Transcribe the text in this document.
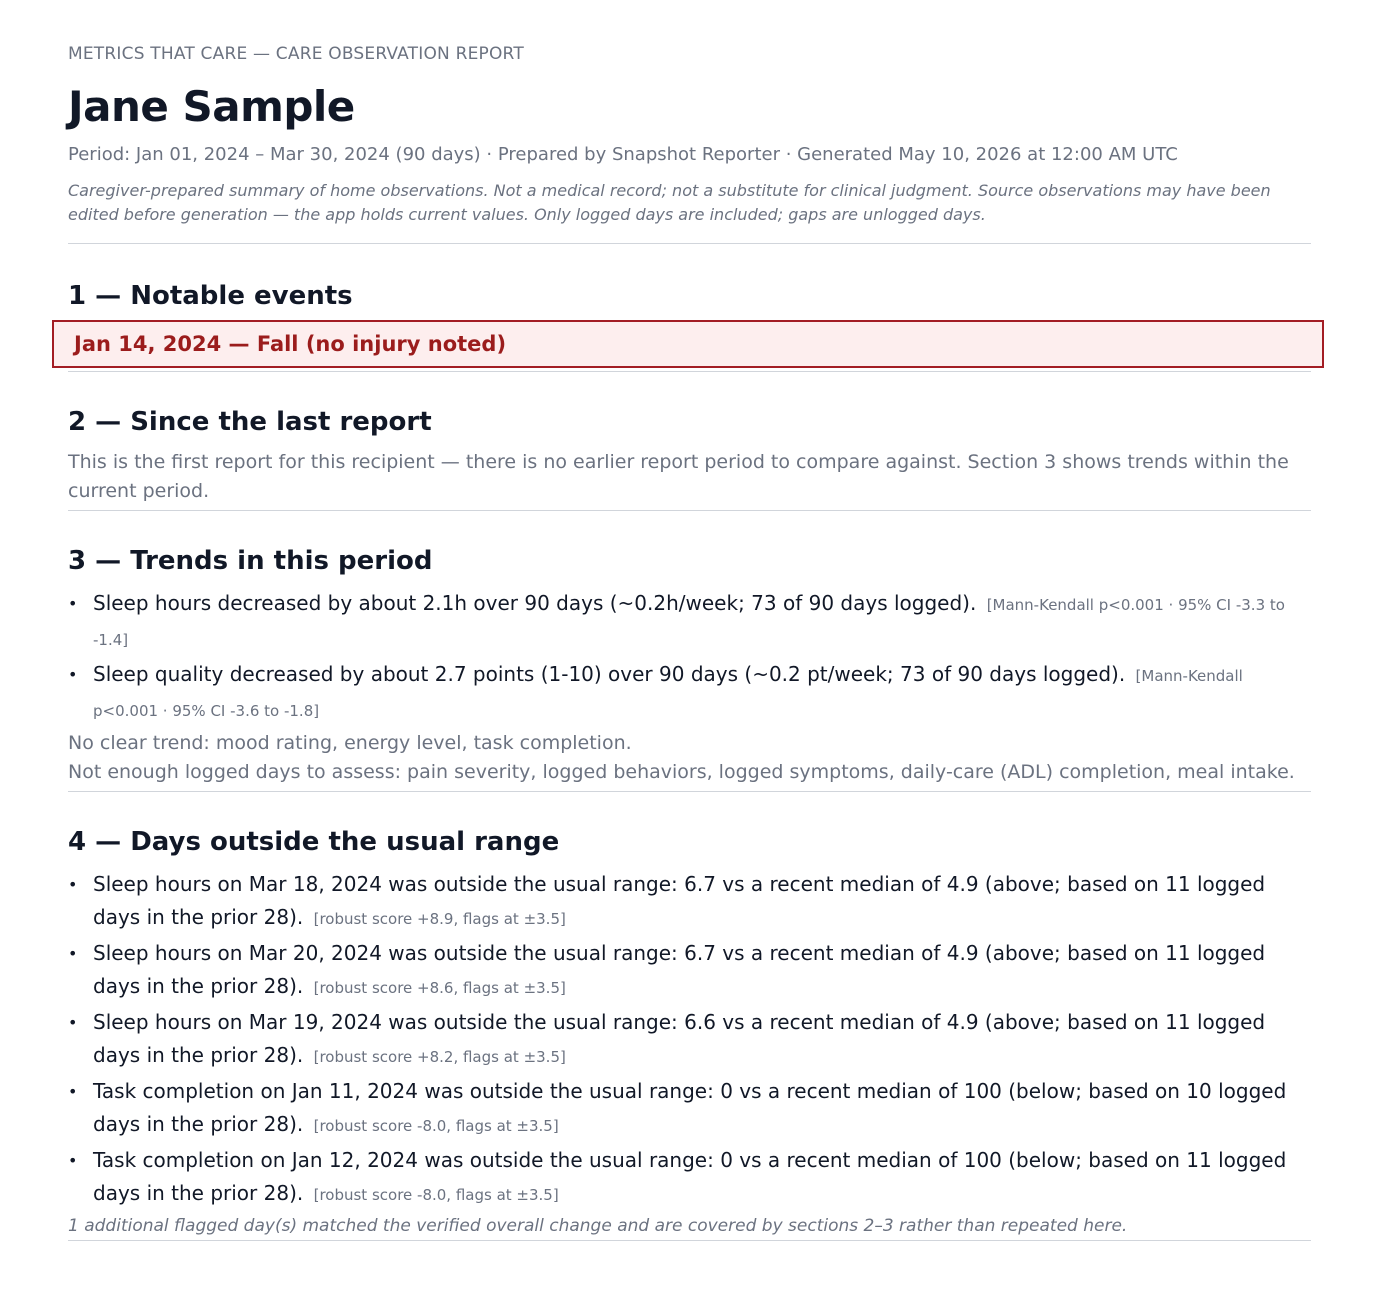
METRICS THAT CARE — CARE OBSERVATION REPORT
Jane Sample
Period: Jan 01, 2024 – Mar 30, 2024 (90 days) · Prepared by Snapshot Reporter · Generated May 10, 2026 at 12:00 AM UTC
Caregiver-prepared summary of home observations. Not a medical record; not a substitute for clinical judgment. Source observations may have been edited before generation — the app holds current values. Only logged days are included; gaps are unlogged days.
1 — Notable events
Jan 14, 2024 — Fall (no injury noted)
2 — Since the last report
This is the first report for this recipient — there is no earlier report period to compare against. Section 3 shows trends within the current period.
3 — Trends in this period
• Sleep hours decreased by about 2.1h over 90 days (~0.2h/week; 73 of 90 days logged). [Mann-Kendall p<0.001 · 95% CI -3.3 to -1.4]
• Sleep quality decreased by about 2.7 points (1-10) over 90 days (~0.2 pt/week; 73 of 90 days logged). [Mann-Kendall p<0.001 · 95% CI -3.6 to -1.8]
No clear trend: mood rating, energy level, task completion.
Not enough logged days to assess: pain severity, logged behaviors, logged symptoms, daily-care (ADL) completion, meal intake.
4 — Days outside the usual range
• Sleep hours on Mar 18, 2024 was outside the usual range: 6.7 vs a recent median of 4.9 (above; based on 11 logged days in the prior 28). [robust score +8.9, flags at ±3.5]
• Sleep hours on Mar 20, 2024 was outside the usual range: 6.7 vs a recent median of 4.9 (above; based on 11 logged days in the prior 28). [robust score +8.6, flags at ±3.5]
• Sleep hours on Mar 19, 2024 was outside the usual range: 6.6 vs a recent median of 4.9 (above; based on 11 logged days in the prior 28). [robust score +8.2, flags at ±3.5]
• Task completion on Jan 11, 2024 was outside the usual range: 0 vs a recent median of 100 (below; based on 10 logged days in the prior 28). [robust score -8.0, flags at ±3.5]
• Task completion on Jan 12, 2024 was outside the usual range: 0 vs a recent median of 100 (below; based on 11 logged days in the prior 28). [robust score -8.0, flags at ±3.5]
1 additional flagged day(s) matched the verified overall change and are covered by sections 2–3 rather than repeated here.
